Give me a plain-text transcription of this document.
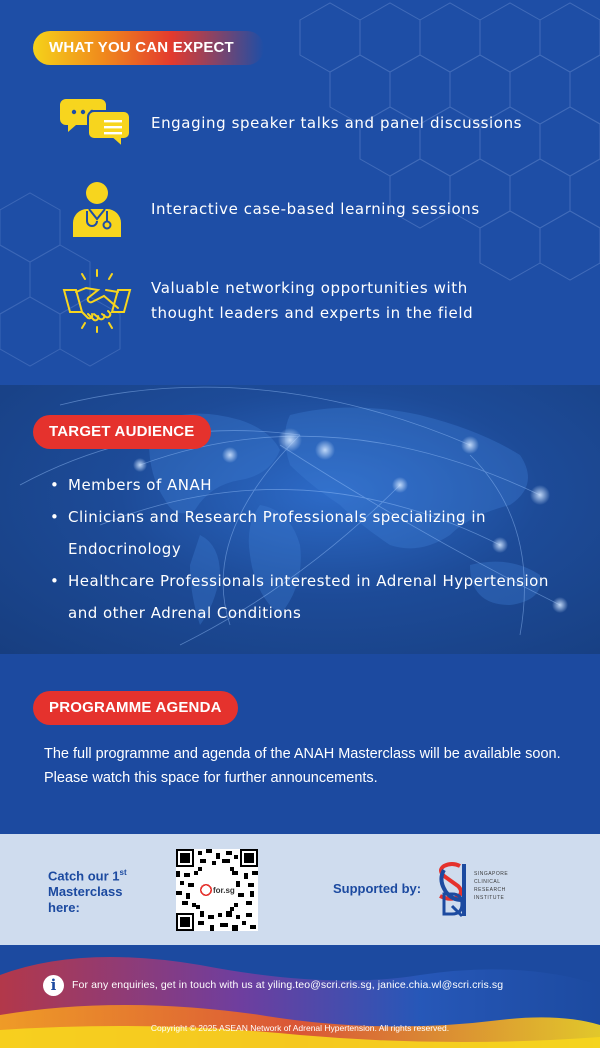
WHAT YOU CAN EXPECT
Engaging speaker talks and panel discussions
Interactive case-based learning sessions
Valuable networking opportunities with
thought leaders and experts in the field
TARGET AUDIENCE
• Members of ANAH
• Clinicians and Research Professionals specializing in
Endocrinology
• Healthcare Professionals interested in Adrenal Hypertension
and other Adrenal Conditions
PROGRAMME AGENDA
The full programme and agenda of the ANAH Masterclass will be available soon.
Please watch this space for further announcements.
Catch our 1st
Masterclass
here:
for.sg	Supported by:
SINGAPORE
CLINICAL
RESEARCH
INSTITUTE
i	For any enquiries, get in touch with us at yiling.teo@scri.cris.sg, janice.chia.wl@scri.cris.sg
Copyright © 2025 ASEAN Network of Adrenal Hypertension. All rights reserved.
